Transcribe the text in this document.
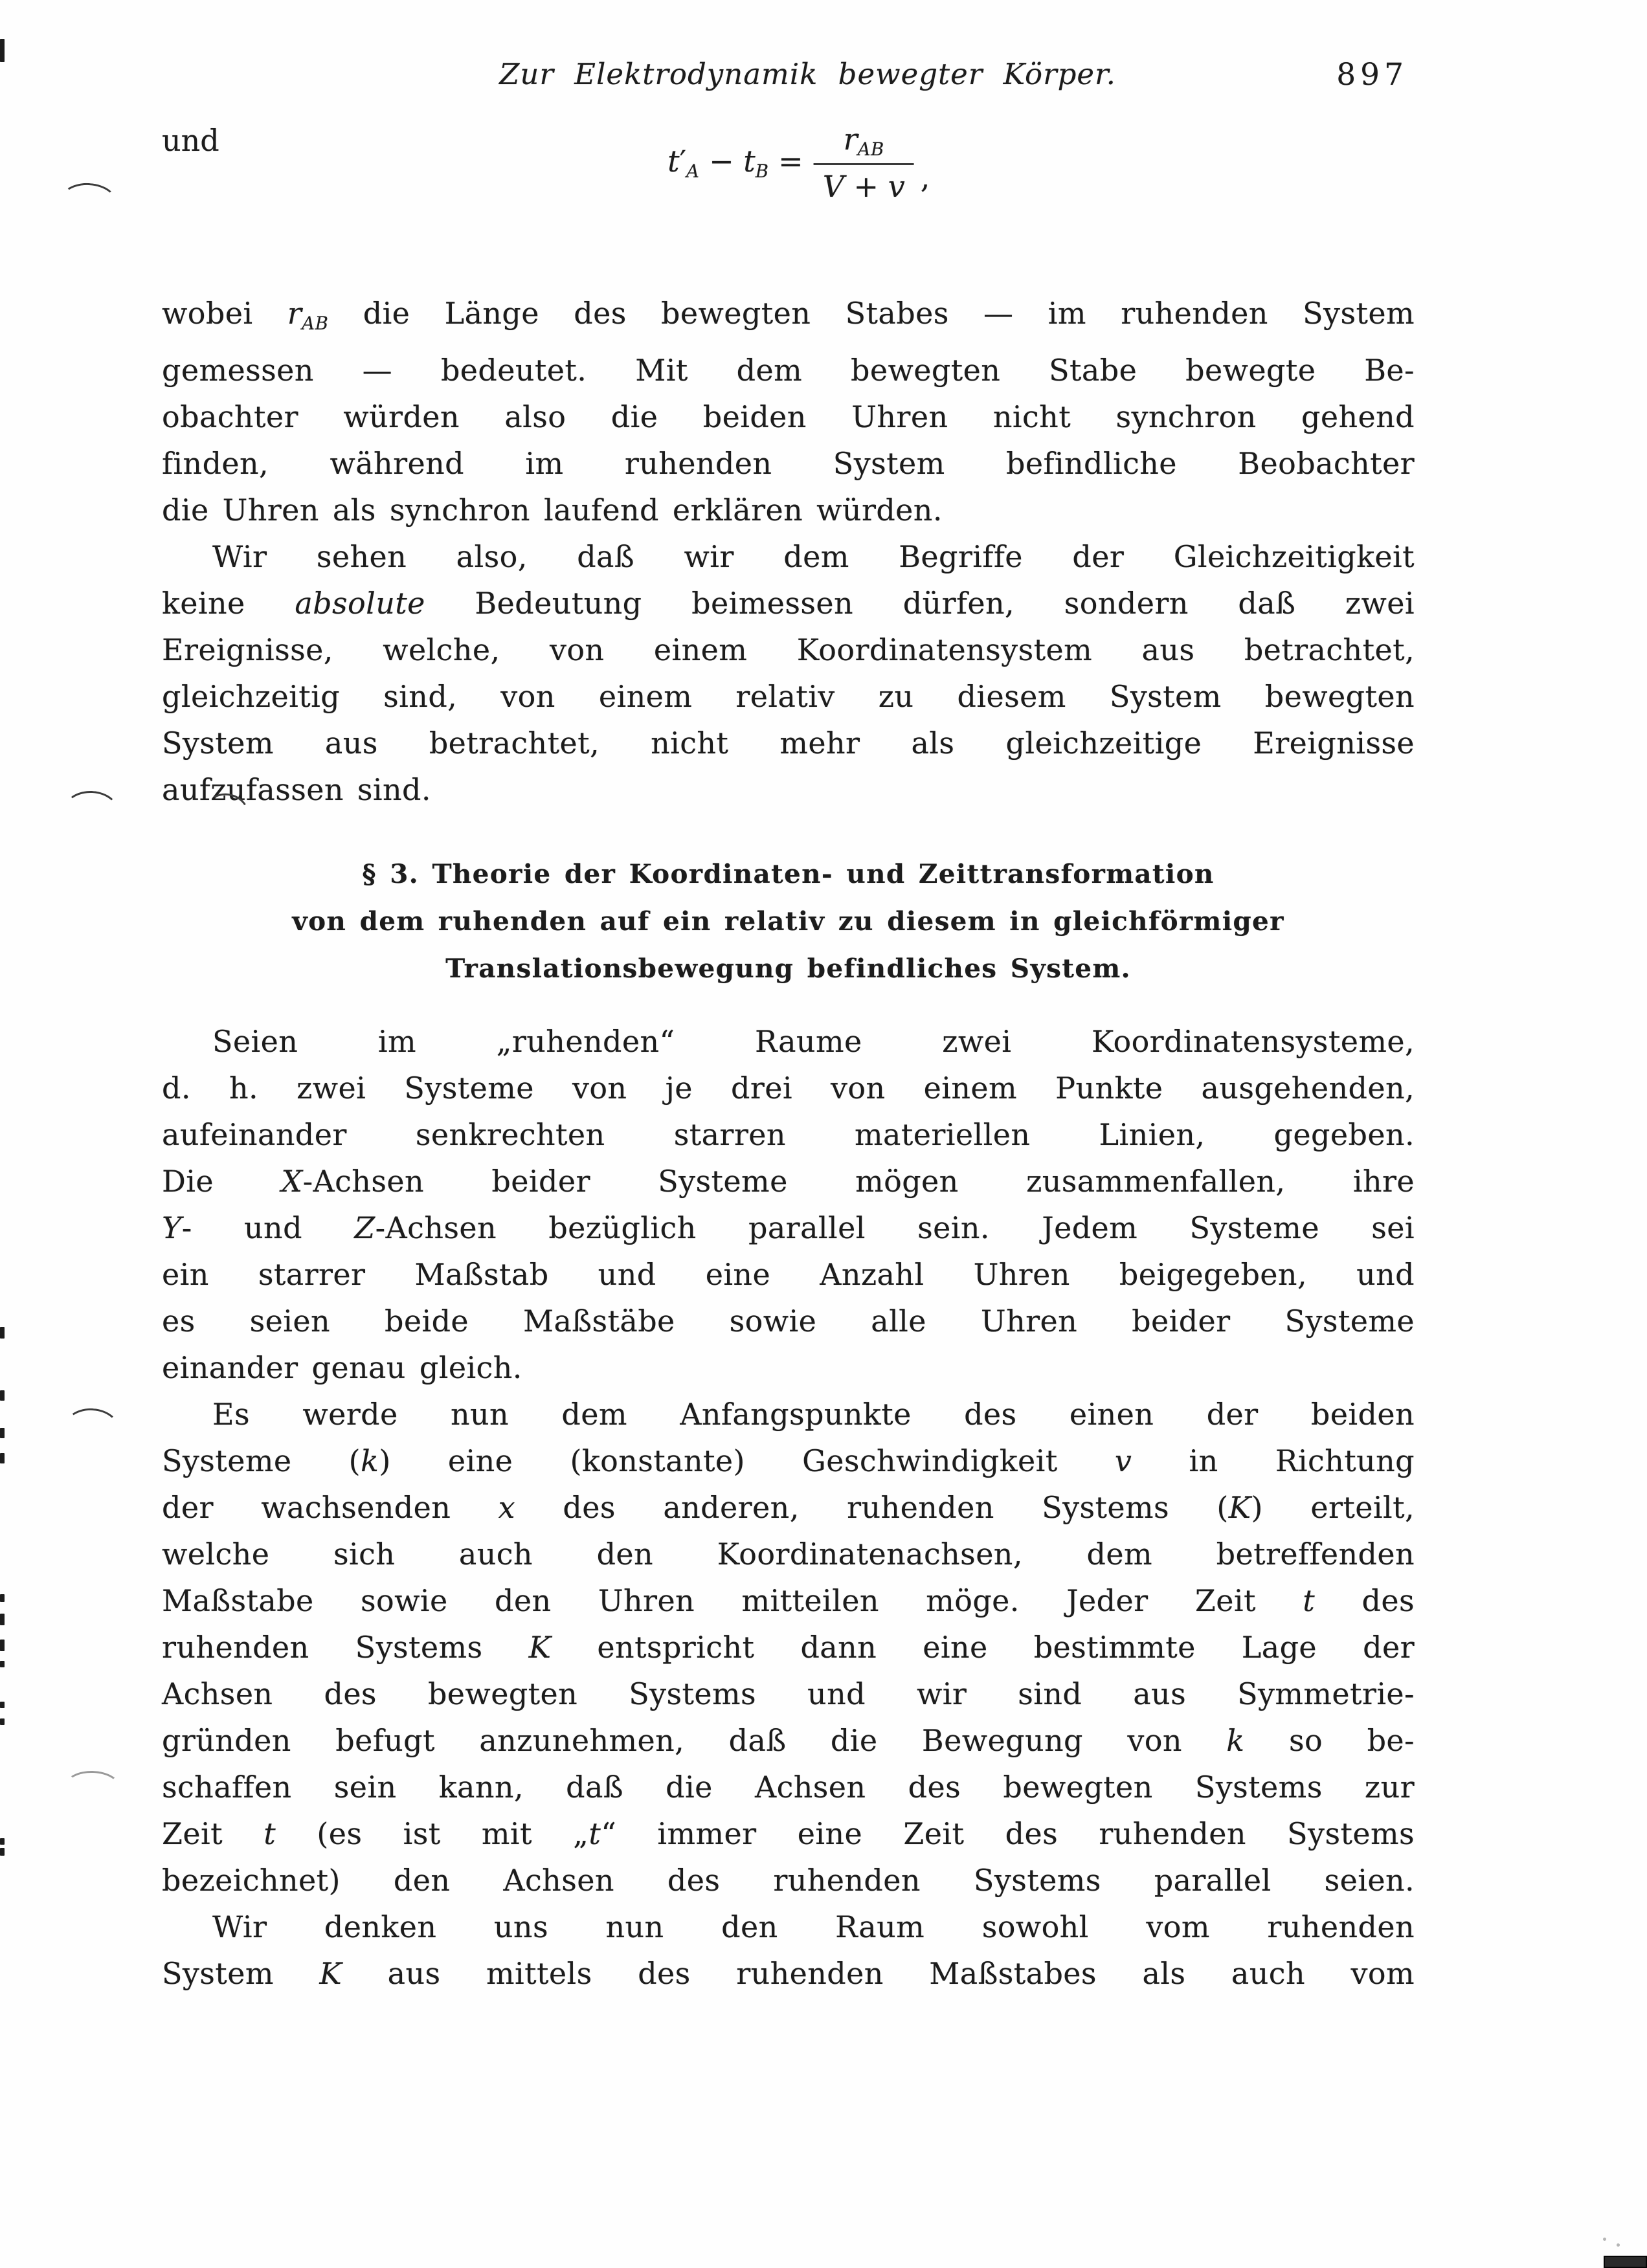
Zur Elektrodynamik bewegter Körper.	897
und
t′A − tB = $\frac{\text{rAB}}{V + v}$ ,
wobei rAB die Länge des bewegten Stabes — im ruhenden System
gemessen — bedeutet. Mit dem bewegten Stabe bewegte Be-
obachter würden also die beiden Uhren nicht synchron gehend
finden, während im ruhenden System befindliche Beobachter
die Uhren als synchron laufend erklären würden.
Wir sehen also, daß wir dem Begriffe der Gleichzeitigkeit
keine absolute Bedeutung beimessen dürfen, sondern daß zwei
Ereignisse, welche, von einem Koordinatensystem aus betrachtet,
gleichzeitig sind, von einem relativ zu diesem System bewegten
System aus betrachtet, nicht mehr als gleichzeitige Ereignisse
aufzufassen sind.
§ 3. Theorie der Koordinaten- und Zeittransformation
von dem ruhenden auf ein relativ zu diesem in gleichförmiger
Translationsbewegung befindliches System.
Seien im „ruhenden“ Raume zwei Koordinatensysteme,
d. h. zwei Systeme von je drei von einem Punkte ausgehenden,
aufeinander senkrechten starren materiellen Linien, gegeben.
Die X-Achsen beider Systeme mögen zusammenfallen, ihre
Y- und Z-Achsen bezüglich parallel sein. Jedem Systeme sei
ein starrer Maßstab und eine Anzahl Uhren beigegeben, und
es seien beide Maßstäbe sowie alle Uhren beider Systeme
einander genau gleich.
Es werde nun dem Anfangspunkte des einen der beiden
Systeme (k) eine (konstante) Geschwindigkeit v in Richtung
der wachsenden x des anderen, ruhenden Systems (K) erteilt,
welche sich auch den Koordinatenachsen, dem betreffenden
Maßstabe sowie den Uhren mitteilen möge. Jeder Zeit t des
ruhenden Systems K entspricht dann eine bestimmte Lage der
Achsen des bewegten Systems und wir sind aus Symmetrie-
gründen befugt anzunehmen, daß die Bewegung von k so be-
schaffen sein kann, daß die Achsen des bewegten Systems zur
Zeit t (es ist mit „t“ immer eine Zeit des ruhenden Systems
bezeichnet) den Achsen des ruhenden Systems parallel seien.
Wir denken uns nun den Raum sowohl vom ruhenden
System K aus mittels des ruhenden Maßstabes als auch vom
